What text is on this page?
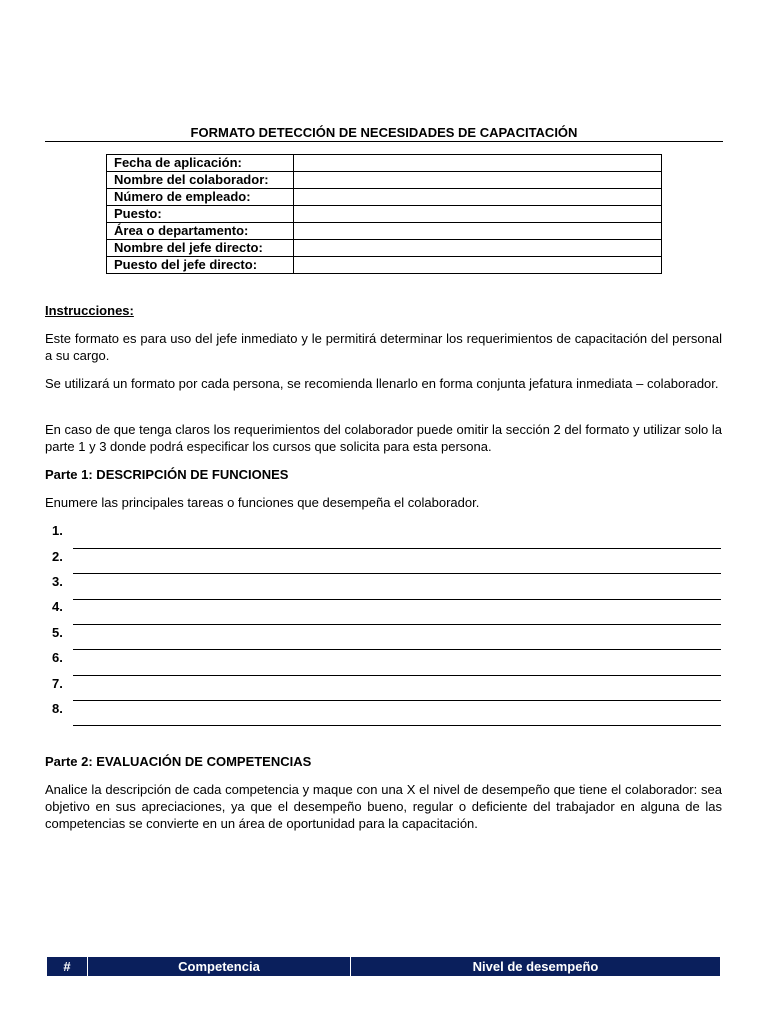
FORMATO DETECCIÓN DE NECESIDADES DE CAPACITACIÓN
Fecha de aplicación:	
Nombre del colaborador:	
Número de empleado:	
Puesto:	
Área o departamento:	
Nombre del jefe directo:	
Puesto del jefe directo:	
Instrucciones:

Este formato es para uso del jefe inmediato y le permitirá determinar los requerimientos de capacitación del personal a su cargo.

Se utilizará un formato por cada persona, se recomienda llenarlo en forma conjunta jefatura inmediata – colaborador.

En caso de que tenga claros los requerimientos del colaborador puede omitir la sección 2 del formato y utilizar solo la parte 1 y 3 donde podrá especificar los cursos que solicita para esta persona.

Parte 1: DESCRIPCIÓN DE FUNCIONES
Enumere las principales tareas o funciones que desempeña el colaborador.
1.
2.
3.
4.
5.
6.
7.
8.
Parte 2: EVALUACIÓN DE COMPETENCIAS

Analice la descripción de cada competencia y maque con una X el nivel de desempeño que tiene el colaborador: sea objetivo en sus apreciaciones, ya que el desempeño bueno, regular o deficiente del trabajador en alguna de las competencias se convierte en un área de oportunidad para la capacitación.

#	Competencia	Nivel de desempeño
